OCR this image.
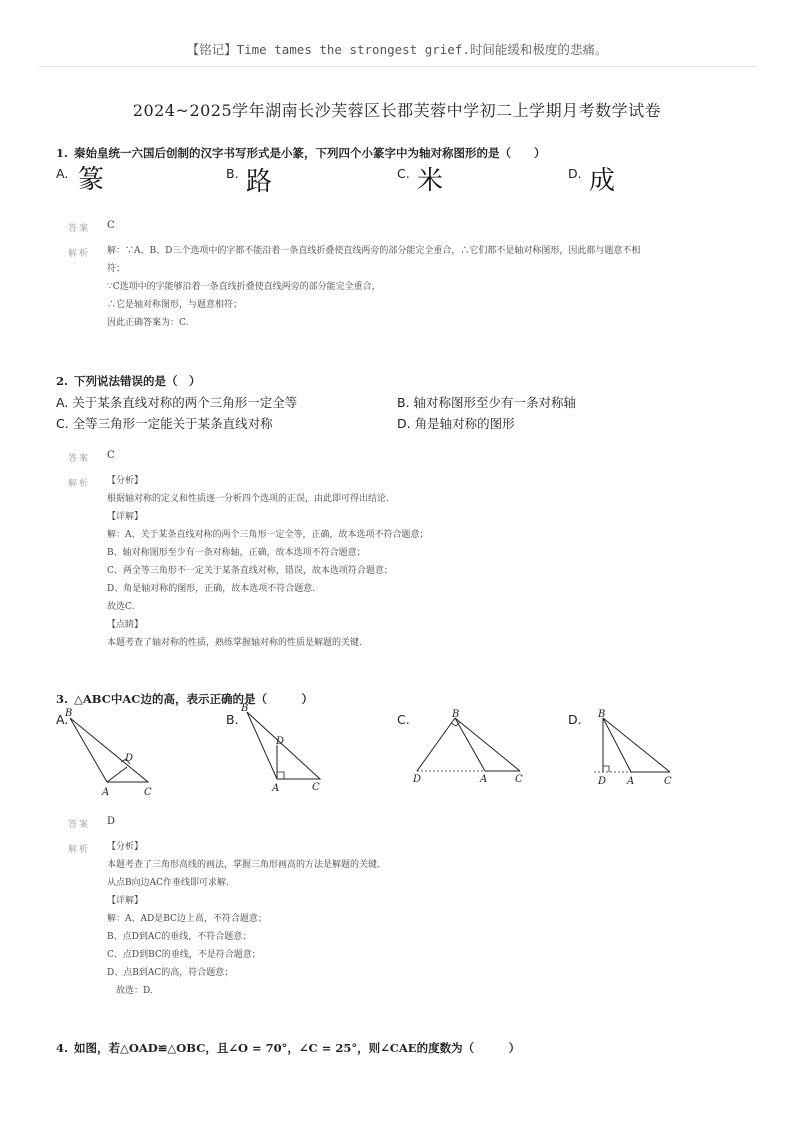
【铭记】Time tames the strongest grief.时间能缓和极度的悲痛。
2024~2025学年湖南长沙芙蓉区长郡芙蓉中学初二上学期月考数学试卷
1. 秦始皇统一六国后创制的汉字书写形式是小篆，下列四个小篆字中为轴对称图形的是（　　）
A. 篆	B. 路	C. 米	D. 成
答案 C
解析 解：∵A、B、D三个选项中的字都不能沿着一条直线折叠使直线两旁的部分能完全重合，∴它们都不是轴对称图形，因此都与题意不相
符；
∵C选项中的字能够沿着一条直线折叠使直线两旁的部分能完全重合，
∴它是轴对称图形，与题意相符；
因此正确答案为：C.
2. 下列说法错误的是（　）
A. 关于某条直线对称的两个三角形一定全等	B. 轴对称图形至少有一条对称轴
C. 全等三角形一定能关于某条直线对称	D. 角是轴对称的图形
答案 C
解析 【分析】
根据轴对称的定义和性质逐一分析四个选项的正误，由此即可得出结论.
【详解】
解：A、关于某条直线对称的两个三角形一定全等，正确，故本选项不符合题意；
B、轴对称图形至少有一条对称轴，正确，故本选项不符合题意；
C、两全等三角形不一定关于某条直线对称，错误，故本选项符合题意；
D、角是轴对称的图形，正确，故本选项不符合题意.
故选C.
【点睛】
本题考查了轴对称的性质，熟练掌握轴对称的性质是解题的关键.
3. △ABC中AC边的高，表示正确的是（　　　）
A.	B.	C.	D.
B
D
A	C
B
D
A	C
B
D	A	C
B
D A	C
答案 D
解析 【分析】
本题考查了三角形高线的画法，掌握三角形画高的方法是解题的关键.
从点B向边AC作垂线即可求解.
【详解】
解：A、AD是BC边上高，不符合题意；
B、点D到AC的垂线，不符合题意；
C、点D到BC的垂线，不是符合题意；
D、点B到AC的高，符合题意；
　故选：D.
4. 如图，若△OAD≌△OBC，且∠O = 70°，∠C = 25°，则∠CAE的度数为（　　　）
